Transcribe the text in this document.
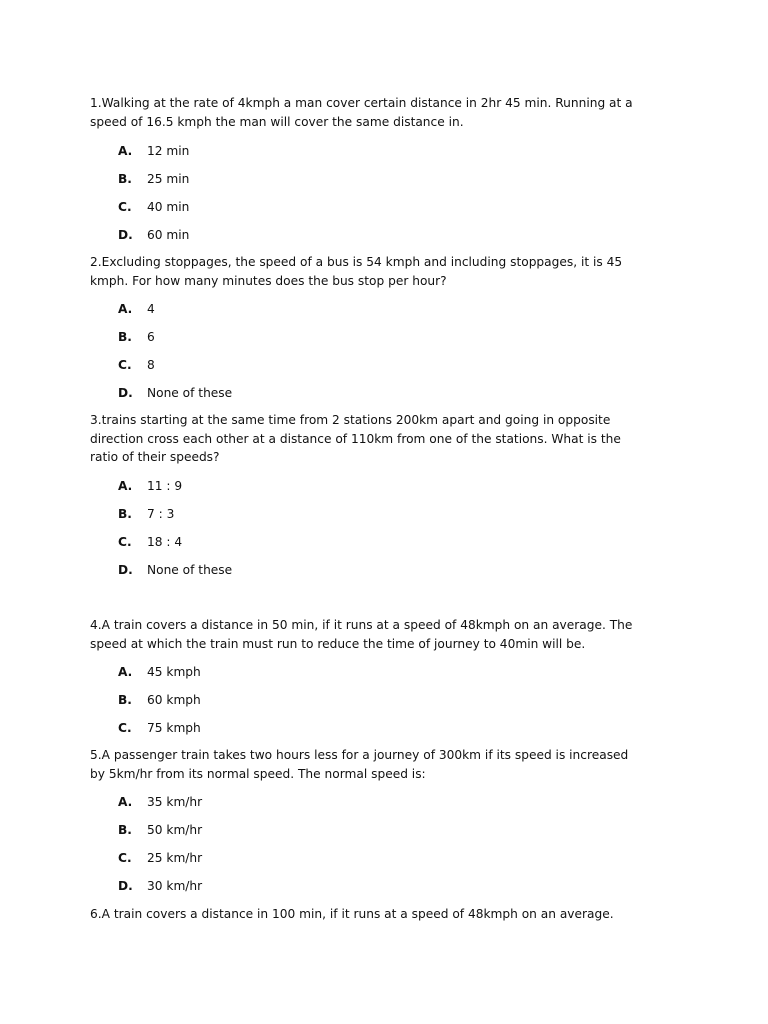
1.Walking at the rate of 4kmph a man cover certain distance in 2hr 45 min. Running at a speed of 16.5 kmph the man will cover the same distance in.
A. 12 min
B. 25 min
C. 40 min
D. 60 min
2.Excluding stoppages, the speed of a bus is 54 kmph and including stoppages, it is 45 kmph. For how many minutes does the bus stop per hour?
A. 4
B. 6
C. 8
D. None of these
3.trains starting at the same time from 2 stations 200km apart and going in opposite direction cross each other at a distance of 110km from one of the stations. What is the ratio of their speeds?
A. 11 : 9
B. 7 : 3
C. 18 : 4
D. None of these
4.A train covers a distance in 50 min, if it runs at a speed of 48kmph on an average. The speed at which the train must run to reduce the time of journey to 40min will be.
A. 45 kmph
B. 60 kmph
C. 75 kmph
5.A passenger train takes two hours less for a journey of 300km if its speed is increased by 5km/hr from its normal speed. The normal speed is:
A. 35 km/hr
B. 50 km/hr
C. 25 km/hr
D. 30 km/hr
6.A train covers a distance in 100 min, if it runs at a speed of 48kmph on an average.
